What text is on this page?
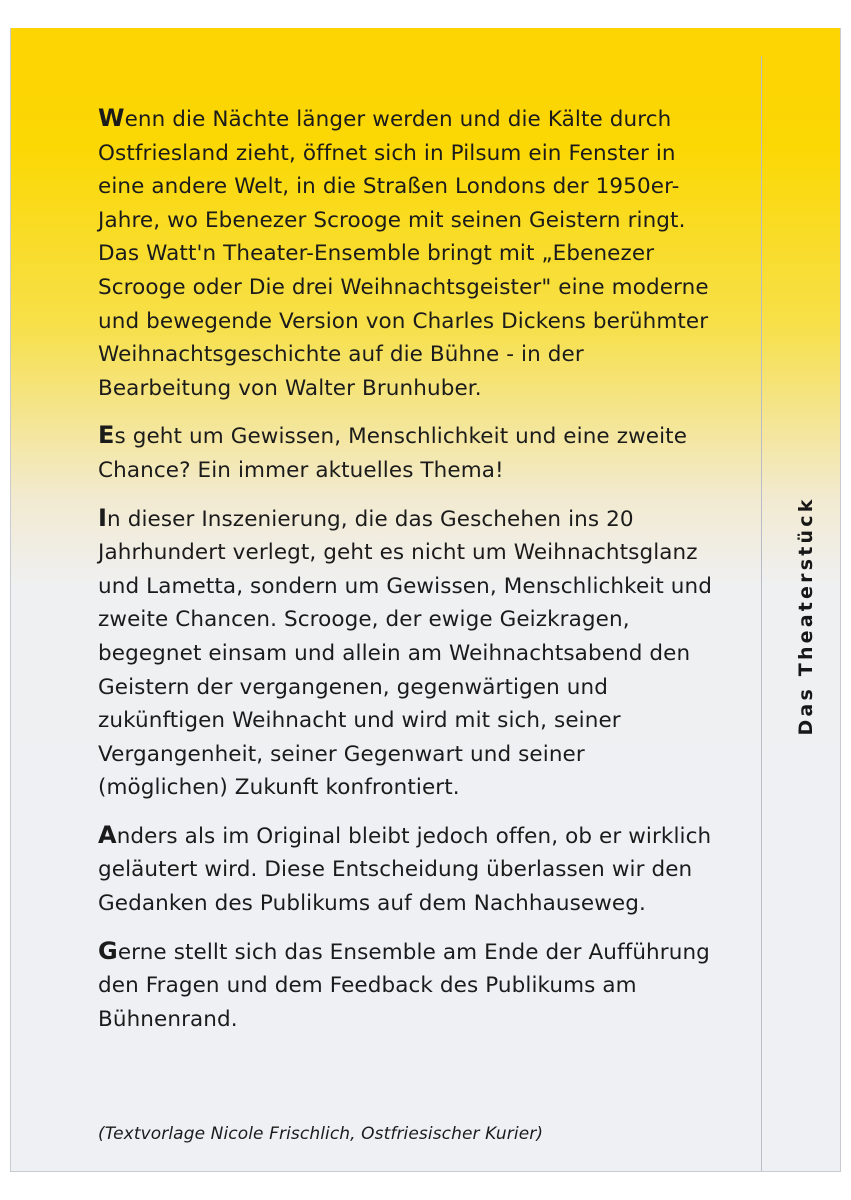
Wenn die Nächte länger werden und die Kälte durch Ostfriesland zieht, öffnet sich in Pilsum ein Fenster in eine andere Welt, in die Straßen Londons der 1950er-Jahre, wo Ebenezer Scrooge mit seinen Geistern ringt. Das Watt'n Theater-Ensemble bringt mit „Ebenezer Scrooge oder Die drei Weihnachtsgeister" eine moderne und bewegende Version von Charles Dickens berühmter Weihnachtsgeschichte auf die Bühne - in der Bearbeitung von Walter Brunhuber.

Es geht um Gewissen, Menschlichkeit und eine zweite Chance? Ein immer aktuelles Thema!

In dieser Inszenierung, die das Geschehen ins 20 Jahrhundert verlegt, geht es nicht um Weihnachtsglanz und Lametta, sondern um Gewissen, Menschlichkeit und zweite Chancen. Scrooge, der ewige Geizkragen, begegnet einsam und allein am Weihnachtsabend den Geistern der vergangenen, gegenwärtigen und zukünftigen Weihnacht und wird mit sich, seiner Vergangenheit, seiner Gegenwart und seiner (möglichen) Zukunft konfrontiert.

Anders als im Original bleibt jedoch offen, ob er wirklich geläutert wird. Diese Entscheidung überlassen wir den Gedanken des Publikums auf dem Nachhauseweg.

Gerne stellt sich das Ensemble am Ende der Aufführung den Fragen und dem Feedback des Publikums am Bühnenrand.

(Textvorlage Nicole Frischlich, Ostfriesischer Kurier)
Das Theaterstück
